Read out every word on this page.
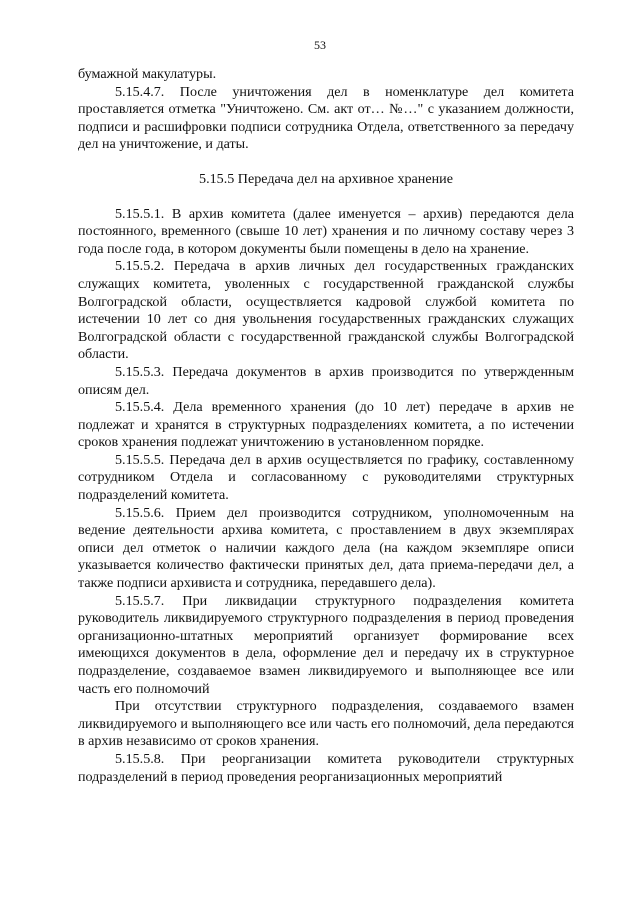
53

бумажной макулатуры.

5.15.4.7. После уничтожения дел в номенклатуре дел комитета проставляется отметка "Уничтожено. См. акт от… №…" с указанием должности, подписи и расшифровки подписи сотрудника Отдела, ответственного за передачу дел на уничтожение, и даты.

5.15.5 Передача дел на архивное хранение

5.15.5.1. В архив комитета (далее именуется – архив) передаются дела постоянного, временного (свыше 10 лет) хранения и по личному составу через 3 года после года, в котором документы были помещены в дело на хранение.

5.15.5.2. Передача в архив личных дел государственных гражданских служащих комитета, уволенных с государственной гражданской службы Волгоградской области, осуществляется кадровой службой комитета по истечении 10 лет со дня увольнения государственных гражданских служащих Волгоградской области с государственной гражданской службы Волгоградской области.

5.15.5.3. Передача документов в архив производится по утвержденным описям дел.

5.15.5.4. Дела временного хранения (до 10 лет) передаче в архив не подлежат и хранятся в структурных подразделениях комитета, а по истечении сроков хранения подлежат уничтожению в установленном порядке.

5.15.5.5. Передача дел в архив осуществляется по графику, составленному сотрудником Отдела и согласованному с руководителями структурных подразделений комитета.

5.15.5.6. Прием дел производится сотрудником, уполномоченным на ведение деятельности архива комитета, с проставлением в двух экземплярах описи дел отметок о наличии каждого дела (на каждом экземпляре описи указывается количество фактически принятых дел, дата приема-передачи дел, а также подписи архивиста и сотрудника, передавшего дела).

5.15.5.7. При ликвидации структурного подразделения комитета руководитель ликвидируемого структурного подразделения в период проведения организационно-штатных мероприятий организует формирование всех имеющихся документов в дела, оформление дел и передачу их в структурное подразделение, создаваемое взамен ликвидируемого и выполняющее все или часть его полномочий

При отсутствии структурного подразделения, создаваемого взамен ликвидируемого и выполняющего все или часть его полномочий, дела передаются в архив независимо от сроков хранения.

5.15.5.8. При реорганизации комитета руководители структурных подразделений в период проведения реорганизационных мероприятий
